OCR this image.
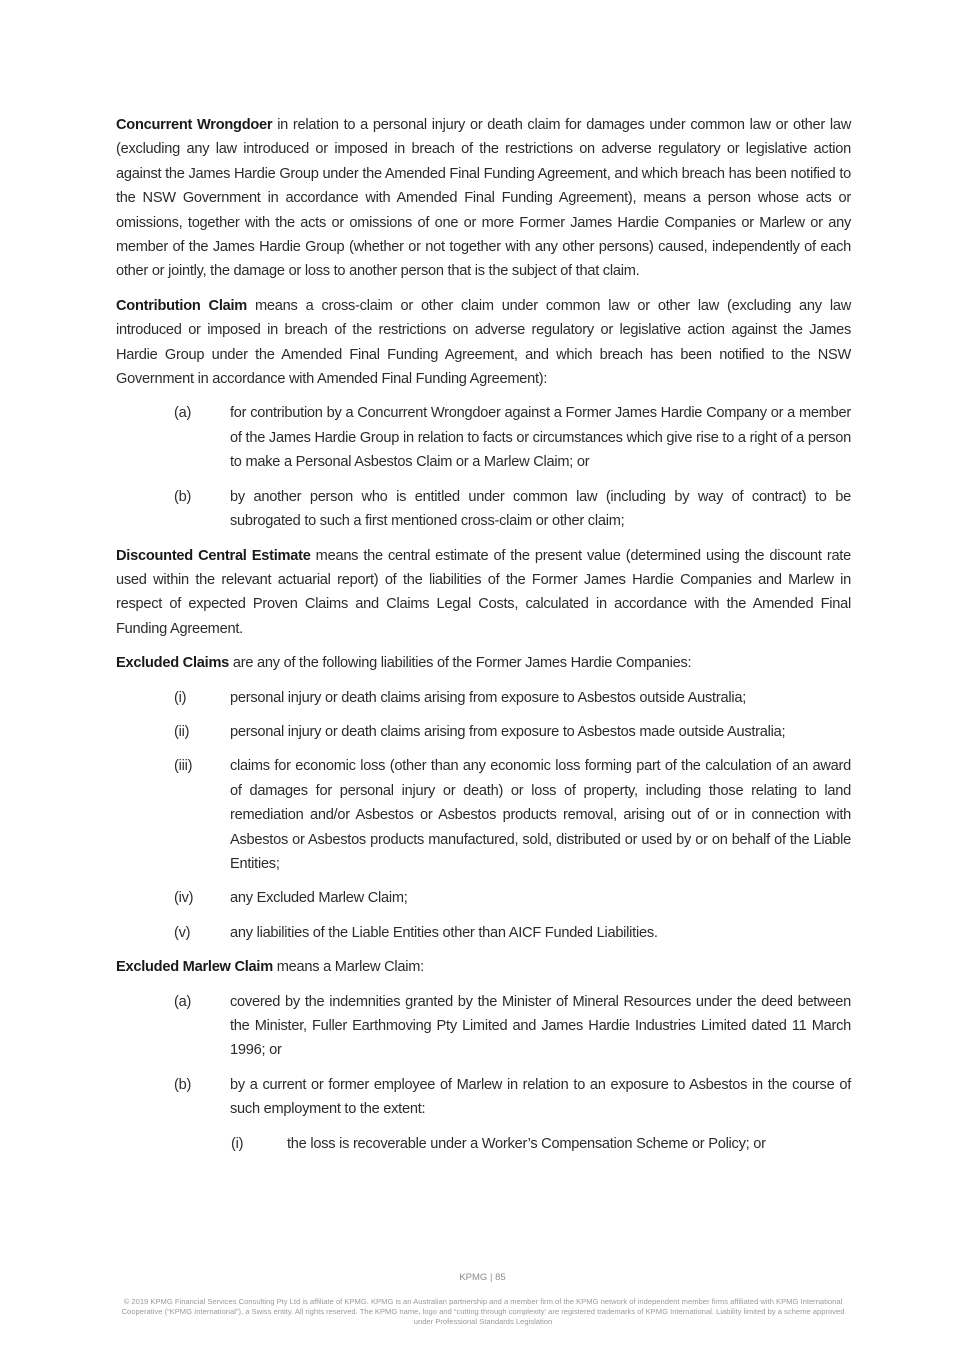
Concurrent Wrongdoer in relation to a personal injury or death claim for damages under common law or other law (excluding any law introduced or imposed in breach of the restrictions on adverse regulatory or legislative action against the James Hardie Group under the Amended Final Funding Agreement, and which breach has been notified to the NSW Government in accordance with Amended Final Funding Agreement), means a person whose acts or omissions, together with the acts or omissions of one or more Former James Hardie Companies or Marlew or any member of the James Hardie Group (whether or not together with any other persons) caused, independently of each other or jointly, the damage or loss to another person that is the subject of that claim.

Contribution Claim means a cross-claim or other claim under common law or other law (excluding any law introduced or imposed in breach of the restrictions on adverse regulatory or legislative action against the James Hardie Group under the Amended Final Funding Agreement, and which breach has been notified to the NSW Government in accordance with Amended Final Funding Agreement):

(a)	for contribution by a Concurrent Wrongdoer against a Former James Hardie Company or a member of the James Hardie Group in relation to facts or circumstances which give rise to a right of a person to make a Personal Asbestos Claim or a Marlew Claim; or
(b)	by another person who is entitled under common law (including by way of contract) to be subrogated to such a first mentioned cross-claim or other claim;

Discounted Central Estimate means the central estimate of the present value (determined using the discount rate used within the relevant actuarial report) of the liabilities of the Former James Hardie Companies and Marlew in respect of expected Proven Claims and Claims Legal Costs, calculated in accordance with the Amended Final Funding Agreement.

Excluded Claims are any of the following liabilities of the Former James Hardie Companies:

(i)	personal injury or death claims arising from exposure to Asbestos outside Australia;
(ii)	personal injury or death claims arising from exposure to Asbestos made outside Australia;
(iii)	claims for economic loss (other than any economic loss forming part of the calculation of an award of damages for personal injury or death) or loss of property, including those relating to land remediation and/or Asbestos or Asbestos products removal, arising out of or in connection with Asbestos or Asbestos products manufactured, sold, distributed or used by or on behalf of the Liable Entities;
(iv)	any Excluded Marlew Claim;
(v)	any liabilities of the Liable Entities other than AICF Funded Liabilities.

Excluded Marlew Claim means a Marlew Claim:

(a)	covered by the indemnities granted by the Minister of Mineral Resources under the deed between the Minister, Fuller Earthmoving Pty Limited and James Hardie Industries Limited dated 11 March 1996; or
(b)	by a current or former employee of Marlew in relation to an exposure to Asbestos in the course of such employment to the extent:
(i)	the loss is recoverable under a Worker’s Compensation Scheme or Policy; or
KPMG | 85
© 2019 KPMG Financial Services Consulting Pty Ltd is affiliate of KPMG. KPMG is an Australian partnership and a member firm of the KPMG network of independent member firms affiliated with KPMG International Cooperative (“KPMG International”), a Swiss entity. All rights reserved. The KPMG name, logo and “cutting through complexity’ are registered trademarks of KPMG International. Liability limited by a scheme approved under Professional Standards Legislation
